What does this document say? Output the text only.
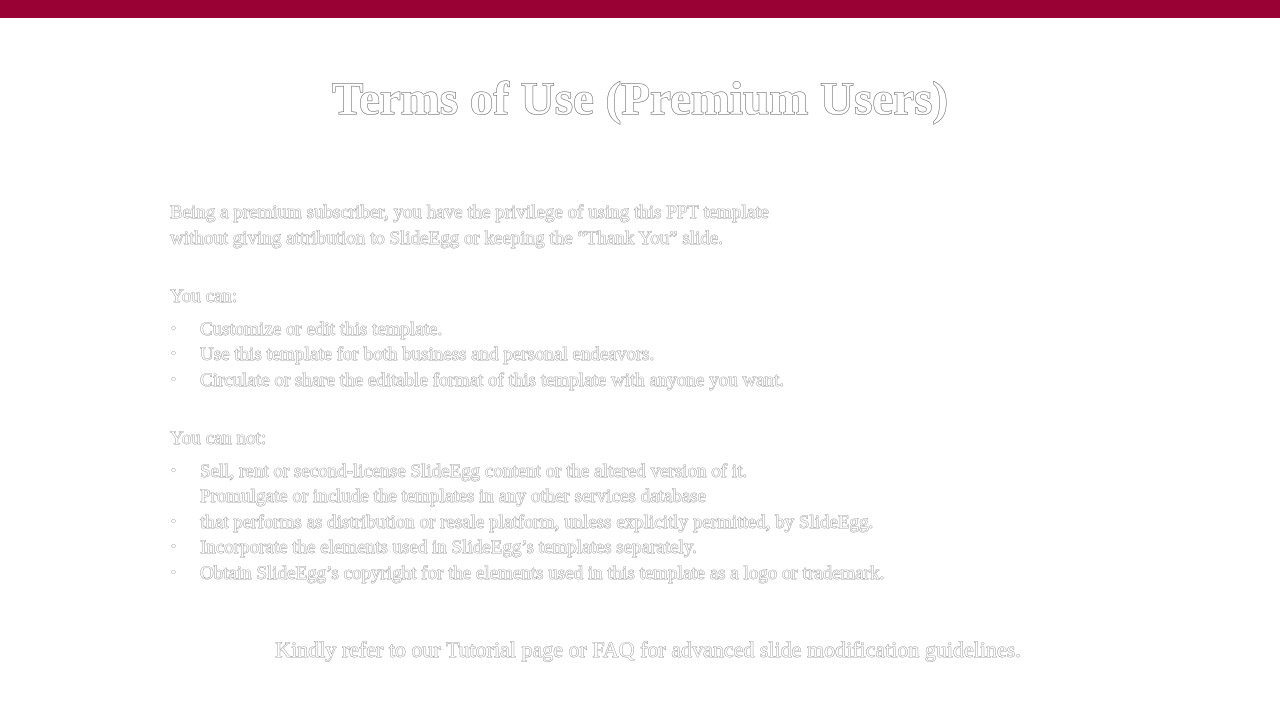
Terms of Use (Premium Users)
Being a premium subscriber, you have the privilege of using this PPT template
without giving attribution to SlideEgg or keeping the “Thank You” slide.
You can:
• Customize or edit this template.
• Use this template for both business and personal endeavors.
• Circulate or share the editable format of this template with anyone you want.
You can not:
• Sell, rent or second-license SlideEgg content or the altered version of it.
Promulgate or include the templates in any other services database
• that performs as distribution or resale platform, unless explicitly permitted, by SlideEgg.
• Incorporate the elements used in SlideEgg’s templates separately.
• Obtain SlideEgg’s copyright for the elements used in this template as a logo or trademark.
Kindly refer to our Tutorial page or FAQ for advanced slide modification guidelines.
